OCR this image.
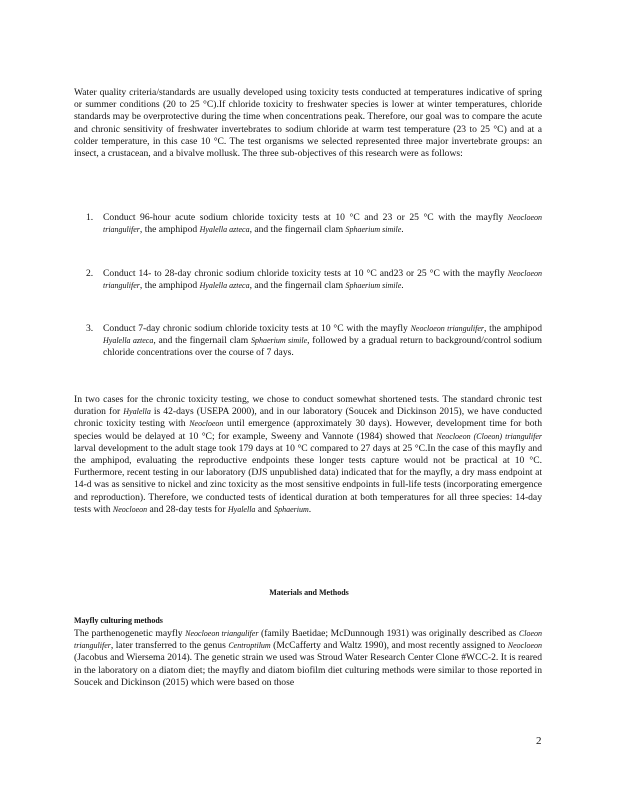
Water quality criteria/standards are usually developed using toxicity tests conducted at temperatures indicative of spring or summer conditions (20 to 25 °C).If chloride toxicity to freshwater species is lower at winter temperatures, chloride standards may be overprotective during the time when concentrations peak. Therefore, our goal was to compare the acute and chronic sensitivity of freshwater invertebrates to sodium chloride at warm test temperature (23 to 25 °C) and at a colder temperature, in this case 10 °C. The test organisms we selected represented three major invertebrate groups: an insect, a crustacean, and a bivalve mollusk. The three sub-objectives of this research were as follows:

1. Conduct 96-hour acute sodium chloride toxicity tests at 10 °C and 23 or 25 °C with the mayfly Neocloeon triangulifer, the amphipod Hyalella azteca, and the fingernail clam Sphaerium simile.
2. Conduct 14- to 28-day chronic sodium chloride toxicity tests at 10 °C and23 or 25 °C with the mayfly Neocloeon triangulifer, the amphipod Hyalella azteca, and the fingernail clam Sphaerium simile.
3. Conduct 7-day chronic sodium chloride toxicity tests at 10 °C with the mayfly Neocloeon triangulifer, the amphipod Hyalella azteca, and the fingernail clam Sphaerium simile, followed by a gradual return to background/control sodium chloride concentrations over the course of 7 days.

In two cases for the chronic toxicity testing, we chose to conduct somewhat shortened tests. The standard chronic test duration for Hyalella is 42-days (USEPA 2000), and in our laboratory (Soucek and Dickinson 2015), we have conducted chronic toxicity testing with Neocloeon until emergence (approximately 30 days). However, development time for both species would be delayed at 10 °C; for example, Sweeny and Vannote (1984) showed that Neocloeon (Cloeon) triangulifer larval development to the adult stage took 179 days at 10 °C compared to 27 days at 25 °C.In the case of this mayfly and the amphipod, evaluating the reproductive endpoints these longer tests capture would not be practical at 10 °C. Furthermore, recent testing in our laboratory (DJS unpublished data) indicated that for the mayfly, a dry mass endpoint at 14-d was as sensitive to nickel and zinc toxicity as the most sensitive endpoints in full-life tests (incorporating emergence and reproduction). Therefore, we conducted tests of identical duration at both temperatures for all three species: 14-day tests with Neocloeon and 28-day tests for Hyalella and Sphaerium.

Materials and Methods
Mayfly culturing methods

The parthenogenetic mayfly Neocloeon triangulifer (family Baetidae; McDunnough 1931) was originally described as Cloeon triangulifer, later transferred to the genus Centroptilum (McCafferty and Waltz 1990), and most recently assigned to Neocloeon (Jacobus and Wiersema 2014). The genetic strain we used was Stroud Water Research Center Clone #WCC-2. It is reared in the laboratory on a diatom diet; the mayfly and diatom biofilm diet culturing methods were similar to those reported in Soucek and Dickinson (2015) which were based on those

2
